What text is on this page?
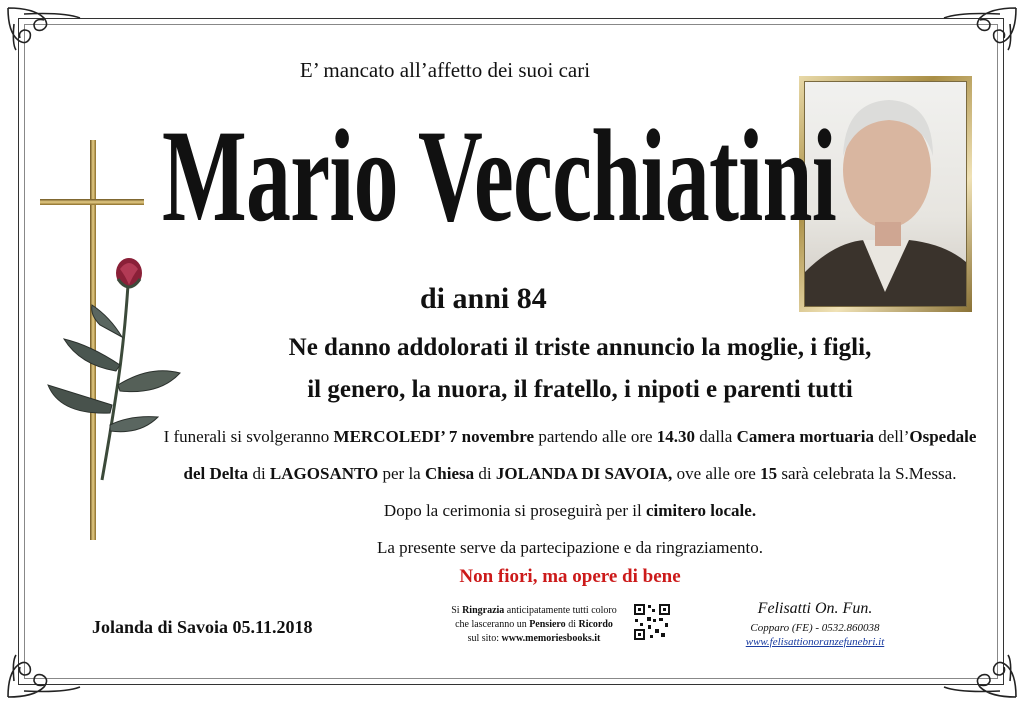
E’ mancato all’affetto dei suoi cari
Mario Vecchiatini
di anni 84
Ne danno addolorati il triste annuncio la moglie, i figli,
il genero, la nuora, il fratello, i nipoti e parenti tutti
I funerali si svolgeranno MERCOLEDI’ 7 novembre partendo alle ore 14.30 dalla Camera mortuaria dell’Ospedale
del Delta di LAGOSANTO per la Chiesa di JOLANDA DI SAVOIA, ove alle ore 15 sarà celebrata la S.Messa.
Dopo la cerimonia si proseguirà per il cimitero locale.
La presente serve da partecipazione e da ringraziamento.
Non fiori, ma opere di bene
Jolanda di Savoia 05.11.2018
Si Ringrazia anticipatamente tutti coloro
che lasceranno un Pensiero di Ricordo
sul sito: www.memoriesbooks.it
Felisatti On. Fun.
Copparo (FE) - 0532.860038
www.felisattionoranzefunebri.it
